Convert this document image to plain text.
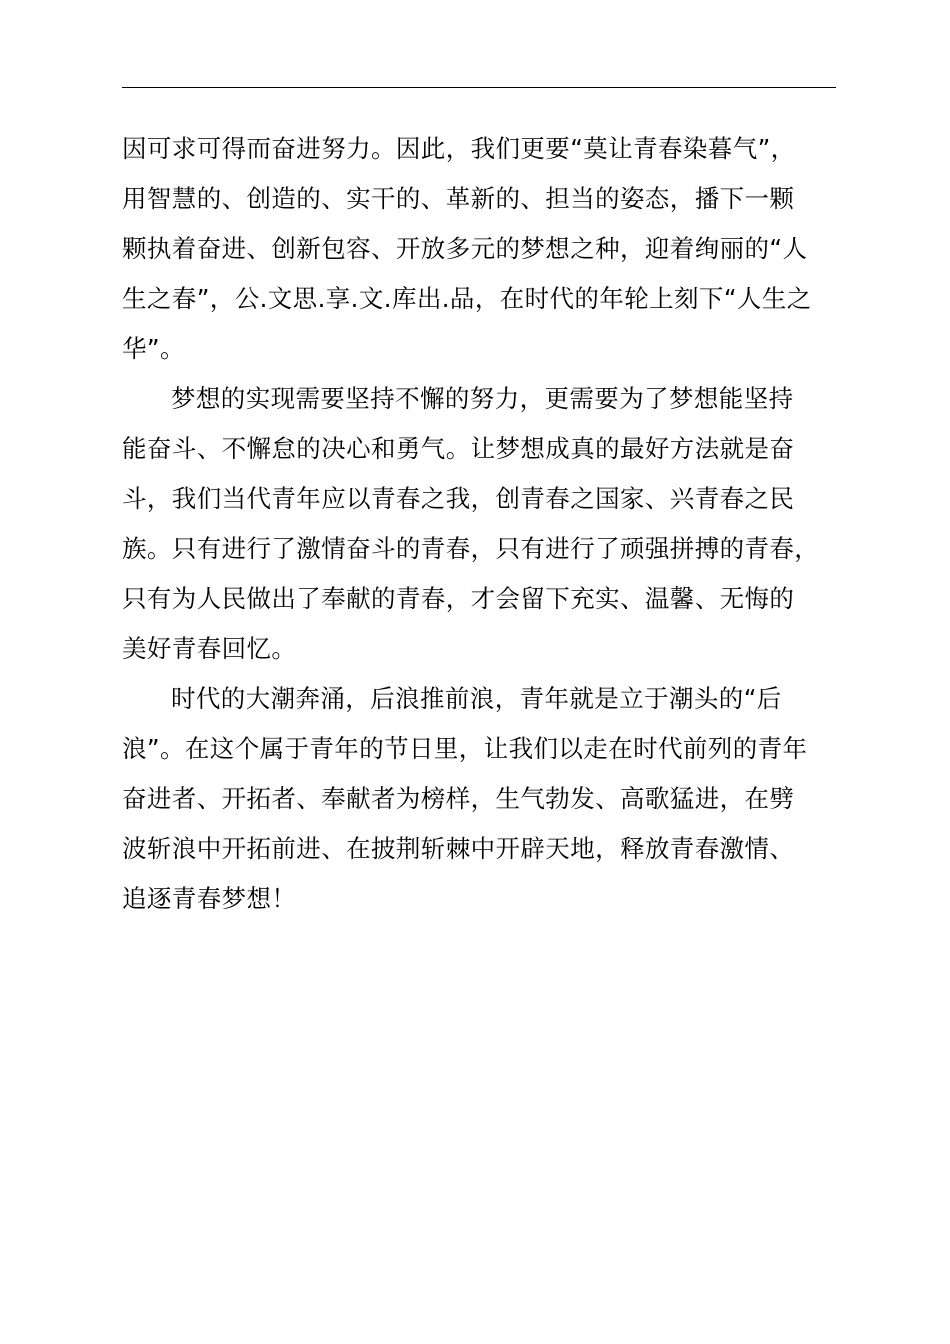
因可求可得而奋进努力。因此，我们更要“莫让青春染暮气”，
用智慧的、创造的、实干的、革新的、担当的姿态，播下一颗
颗执着奋进、创新包容、开放多元的梦想之种，迎着绚丽的“人
生之春”，公.文思.享.文.库出.品，在时代的年轮上刻下“人生之
华”。
梦想的实现需要坚持不懈的努力，更需要为了梦想能坚持
能奋斗、不懈怠的决心和勇气。让梦想成真的最好方法就是奋
斗，我们当代青年应以青春之我，创青春之国家、兴青春之民
族。只有进行了激情奋斗的青春，只有进行了顽强拼搏的青春，
只有为人民做出了奉献的青春，才会留下充实、温馨、无悔的
美好青春回忆。
时代的大潮奔涌，后浪推前浪，青年就是立于潮头的“后
浪”。在这个属于青年的节日里，让我们以走在时代前列的青年
奋进者、开拓者、奉献者为榜样，生气勃发、高歌猛进，在劈
波斩浪中开拓前进、在披荆斩棘中开辟天地，释放青春激情、
追逐青春梦想！
